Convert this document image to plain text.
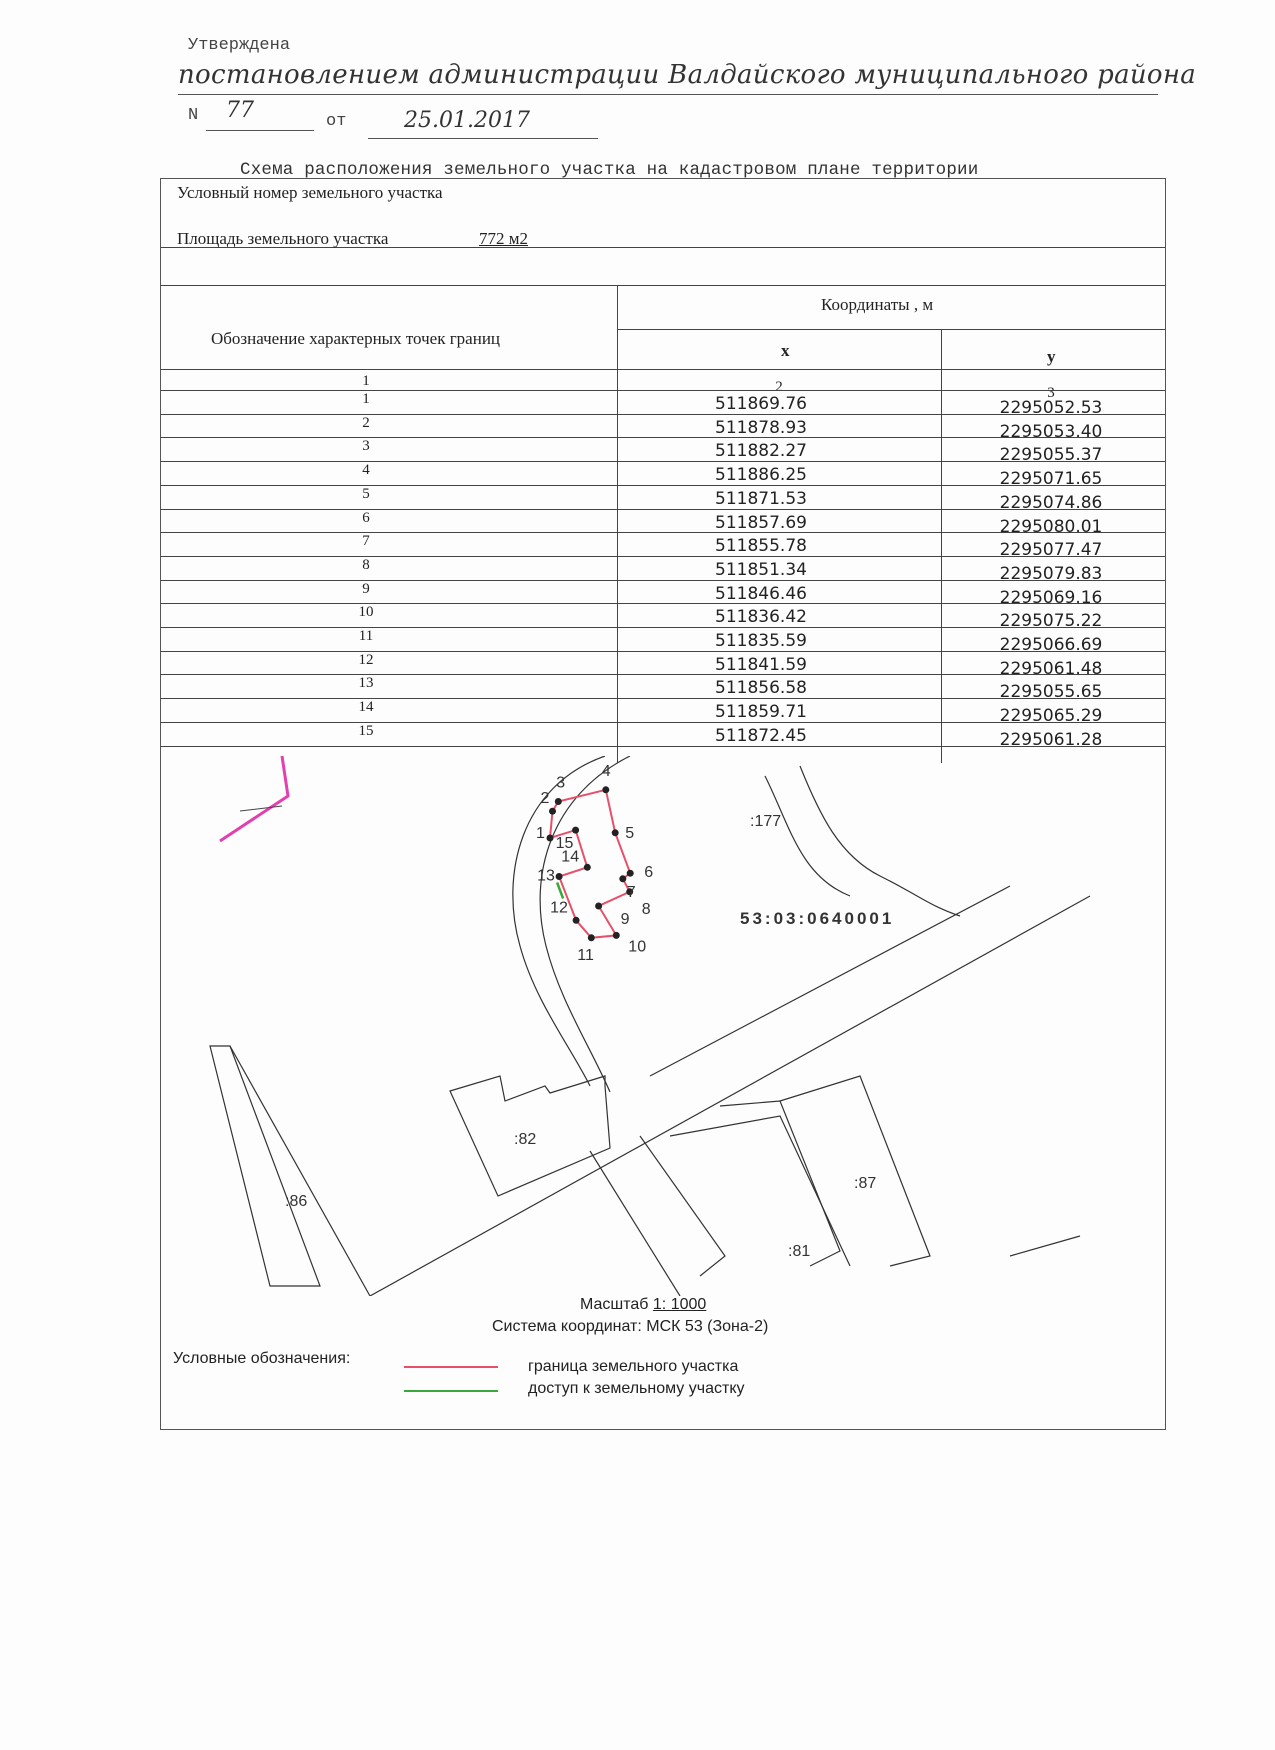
Утверждена
постановлением администрации Валдайского муниципального района
N 77	от	25.01.2017
Схема расположения земельного участка на кадастровом плане территории
Условный номер земельного участка
Площадь земельного участка	772 м2
Обозначение характерных точек границ
Координаты , м
x	y
1	2	3
1	511869.76	2295052.53
2	511878.93	2295053.40
3	511882.27	2295055.37
4	511886.25	2295071.65
5	511871.53	2295074.86
6	511857.69	2295080.01
7	511855.78	2295077.47
8	511851.34	2295079.83
9	511846.46	2295069.16
10	511836.42	2295075.22
11	511835.59	2295066.69
12	511841.59	2295061.48
13	511856.58	2295055.65
14	511859.71	2295065.29
15	511872.45	2295061.28
1
2
3
4
5
6
7
8
9
10
11
12
13
14
15
53:03:0640001
:177
:82
:86
:87
:81
Масштаб 1: 1000
Система координат: МСК 53 (Зона-2)
Условные обозначения:	граница земельного участка
доступ к земельному участку
